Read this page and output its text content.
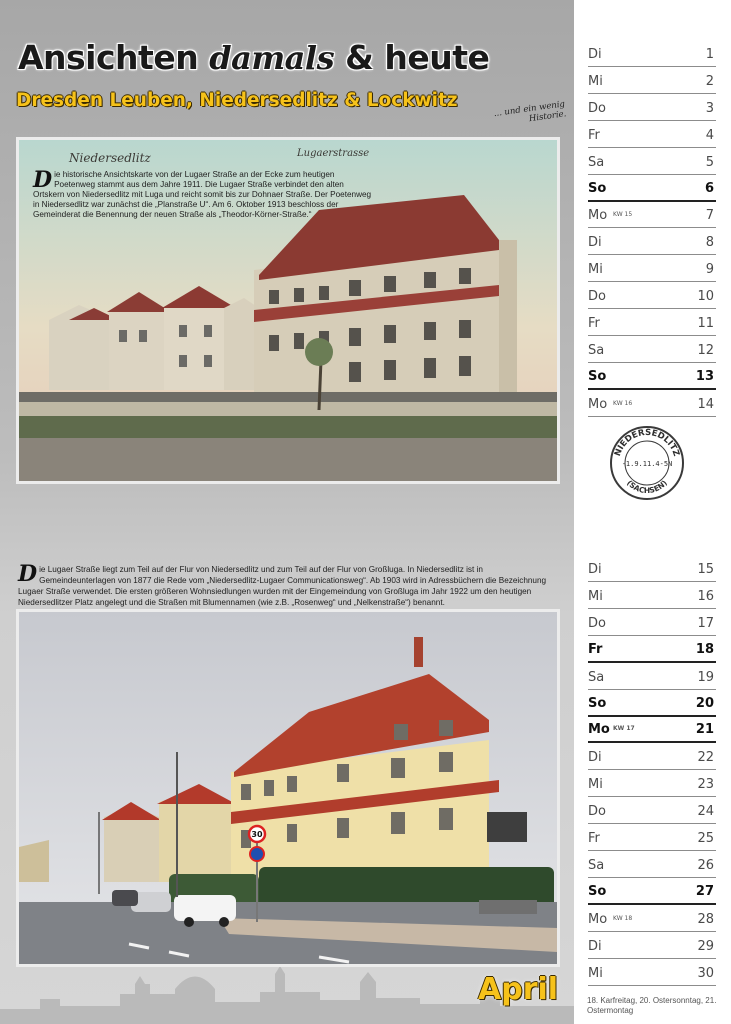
Ansichten damals & heute
Dresden Leuben, Niedersedlitz & Lockwitz	... und ein wenig Historie.
Niedersedlitz	Lugaerstrasse
Die historische Ansichtskarte von der Lugaer Straße an der Ecke zum heutigen Poetenweg stammt aus dem Jahre 1911. Die Lugaer Straße verbindet den alten Ortskern von Niedersedlitz mit Luga und reicht somit bis zur Dohnaer Straße. Der Poetenweg in Niedersedlitz war zunächst die „Planstraße U“. Am 6. Oktober 1913 beschloss der Gemeinderat die Benennung der neuen Straße als „Theodor-Körner-Straße.“
Die Lugaer Straße liegt zum Teil auf der Flur von Niedersedlitz und zum Teil auf der Flur von Großluga. In Niedersedlitz ist in Gemeindeunterlagen von 1877 die Rede vom „Niedersedlitz-Lugaer Communicationsweg“. Ab 1903 wird in Adressbüchern die Bezeichnung Lugaer Straße verwendet. Die ersten größeren Wohnsiedlungen wurden mit der Eingemeindung von Großluga im Jahr 1922 um den heutigen Niedersedlitzer Platz angelegt und die Straßen mit Blumennamen (wie z.B. „Rosenweg“ und „Nelkenstraße“) benannt.
30
April
Di	1
Mi	2
Do	3
Fr	4
Sa	5
So	6
Mo KW 15	7
Di	8
Mi	9
Do	10
Fr	11
Sa	12
So	13
Mo KW 16	14
NIEDERSEDLITZ
-1.9.11.4-5N
(SACHSEN)
Di	15
Mi	16
Do	17
Fr	18
Sa	19
So	20
Mo KW 17	21
Di	22
Mi	23
Do	24
Fr	25
Sa	26
So	27
Mo KW 18	28
Di	29
Mi	30
18. Karfreitag, 20. Ostersonntag, 21. Ostermontag
